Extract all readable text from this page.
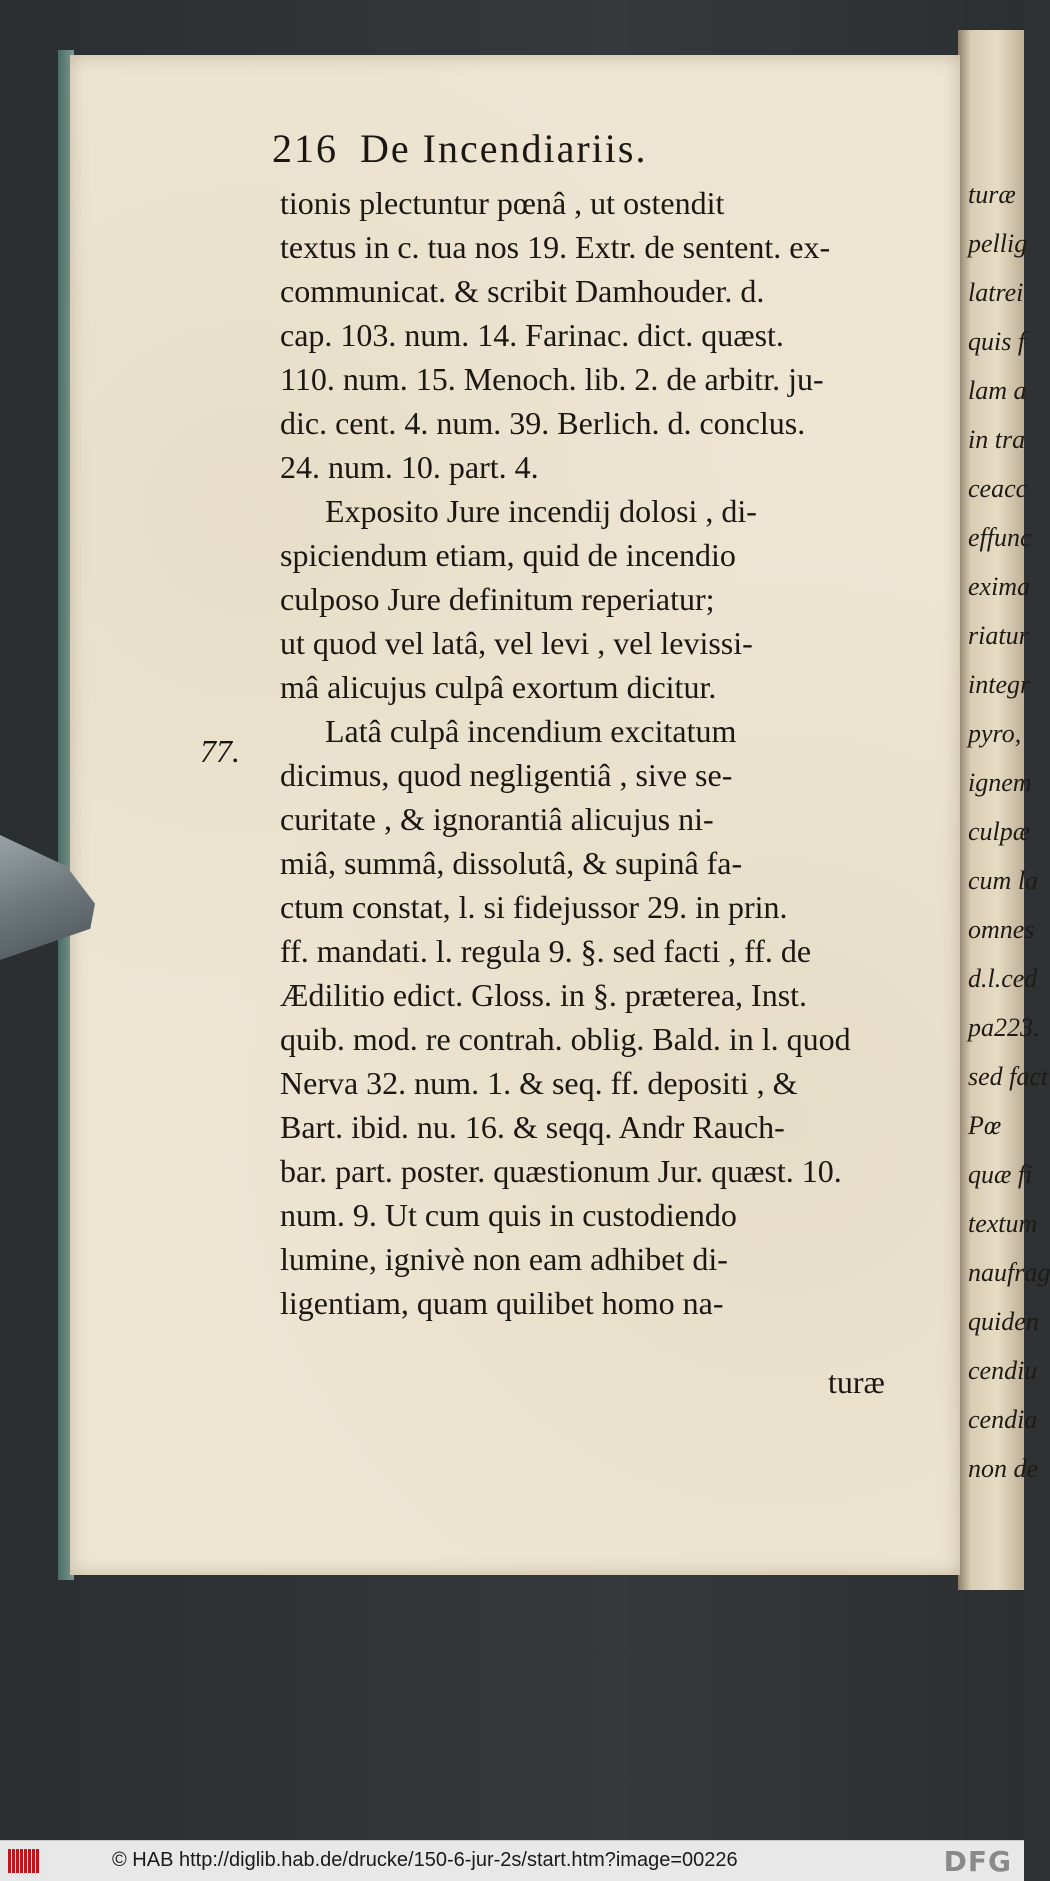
turæ
pellig
latrei
quis f
lam a
in tra
ceacc
effunc
exima
riatur
integr
pyro,
ignem
culpæ
cum la
omnes
d.l.ced
pa223.
sed fact
Pœ
quæ fi
textum
naufrag
quiden
cendiu
cendia
non de
216 De Incendiariis.
77.
turæ
© HAB http://diglib.hab.de/drucke/150-6-jur-2s/start.htm?image=00226	DFG
tionis plectuntur pœnâ , ut ostendit
textus in c. tua nos 19. Extr. de sentent. ex-
communicat. & scribit Damhouder. d.
cap. 103. num. 14. Farinac. dict. quæst.
110. num. 15. Menoch. lib. 2. de arbitr. ju-
dic. cent. 4. num. 39. Berlich. d. conclus.
24. num. 10. part. 4.
Exposito Jure incendij dolosi , di-
spiciendum etiam, quid de incendio
culposo Jure definitum reperiatur;
ut quod vel latâ, vel levi , vel levissi-
mâ alicujus culpâ exortum dicitur.
Latâ culpâ incendium excitatum
dicimus, quod negligentiâ , sive se-
curitate , & ignorantiâ alicujus ni-
miâ, summâ, dissolutâ, & supinâ fa-
ctum constat, l. si fidejussor 29. in prin.
ff. mandati. l. regula 9. §. sed facti , ff. de
Ædilitio edict. Gloss. in §. præterea, Inst.
quib. mod. re contrah. oblig. Bald. in l. quod
Nerva 32. num. 1. & seq. ff. depositi , &
Bart. ibid. nu. 16. & seqq. Andr Rauch-
bar. part. poster. quæstionum Jur. quæst. 10.
num. 9. Ut cum quis in custodiendo
lumine, ignivè non eam adhibet di-
ligentiam, quam quilibet homo na-
